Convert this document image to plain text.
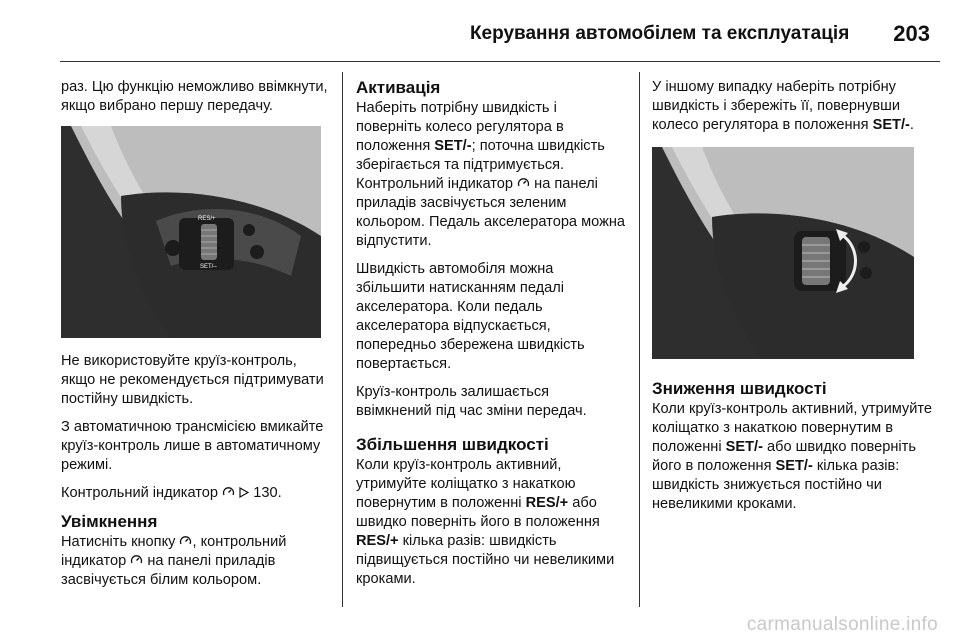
Керування автомобілем та експлуатація 203

раз. Цю функцію неможливо ввімкнути, якщо вибрано першу передачу.

RES/+
SET/–

Не використовуйте круїз-контроль, якщо не рекомендується підтримувати постійну швидкість.

З автоматичною трансмісією вмикайте круїз-контроль лише в автоматичному режимі.

Контрольний індикатор 130.

Увімкнення

Натисніть кнопку , контрольний індикатор на панелі приладів засвічується білим кольором.

Активація

Наберіть потрібну швидкість і поверніть колесо регулятора в положення SET/-; поточна швидкість зберігається та підтримується. Контрольний індикатор на панелі приладів засвічується зеленим кольором. Педаль акселератора можна відпустити.

Швидкість автомобіля можна збільшити натисканням педалі акселератора. Коли педаль акселератора відпускається, попередньо збережена швидкість повертається.

Круїз-контроль залишається ввімкнений під час зміни передач.

Збільшення швидкості

Коли круїз-контроль активний, утримуйте коліщатко з накаткою повернутим в положенні RES/+ або швидко поверніть його в положення RES/+ кілька разів: швидкість підвищується постійно чи невеликими кроками.

У іншому випадку наберіть потрібну швидкість і збережіть її, повернувши колесо регулятора в положення SET/-.

Зниження швидкості

Коли круїз-контроль активний, утримуйте коліщатко з накаткою повернутим в положенні SET/- або швидко поверніть його в положення SET/- кілька разів: швидкість знижується постійно чи невеликими кроками.

carmanualsonline.info
